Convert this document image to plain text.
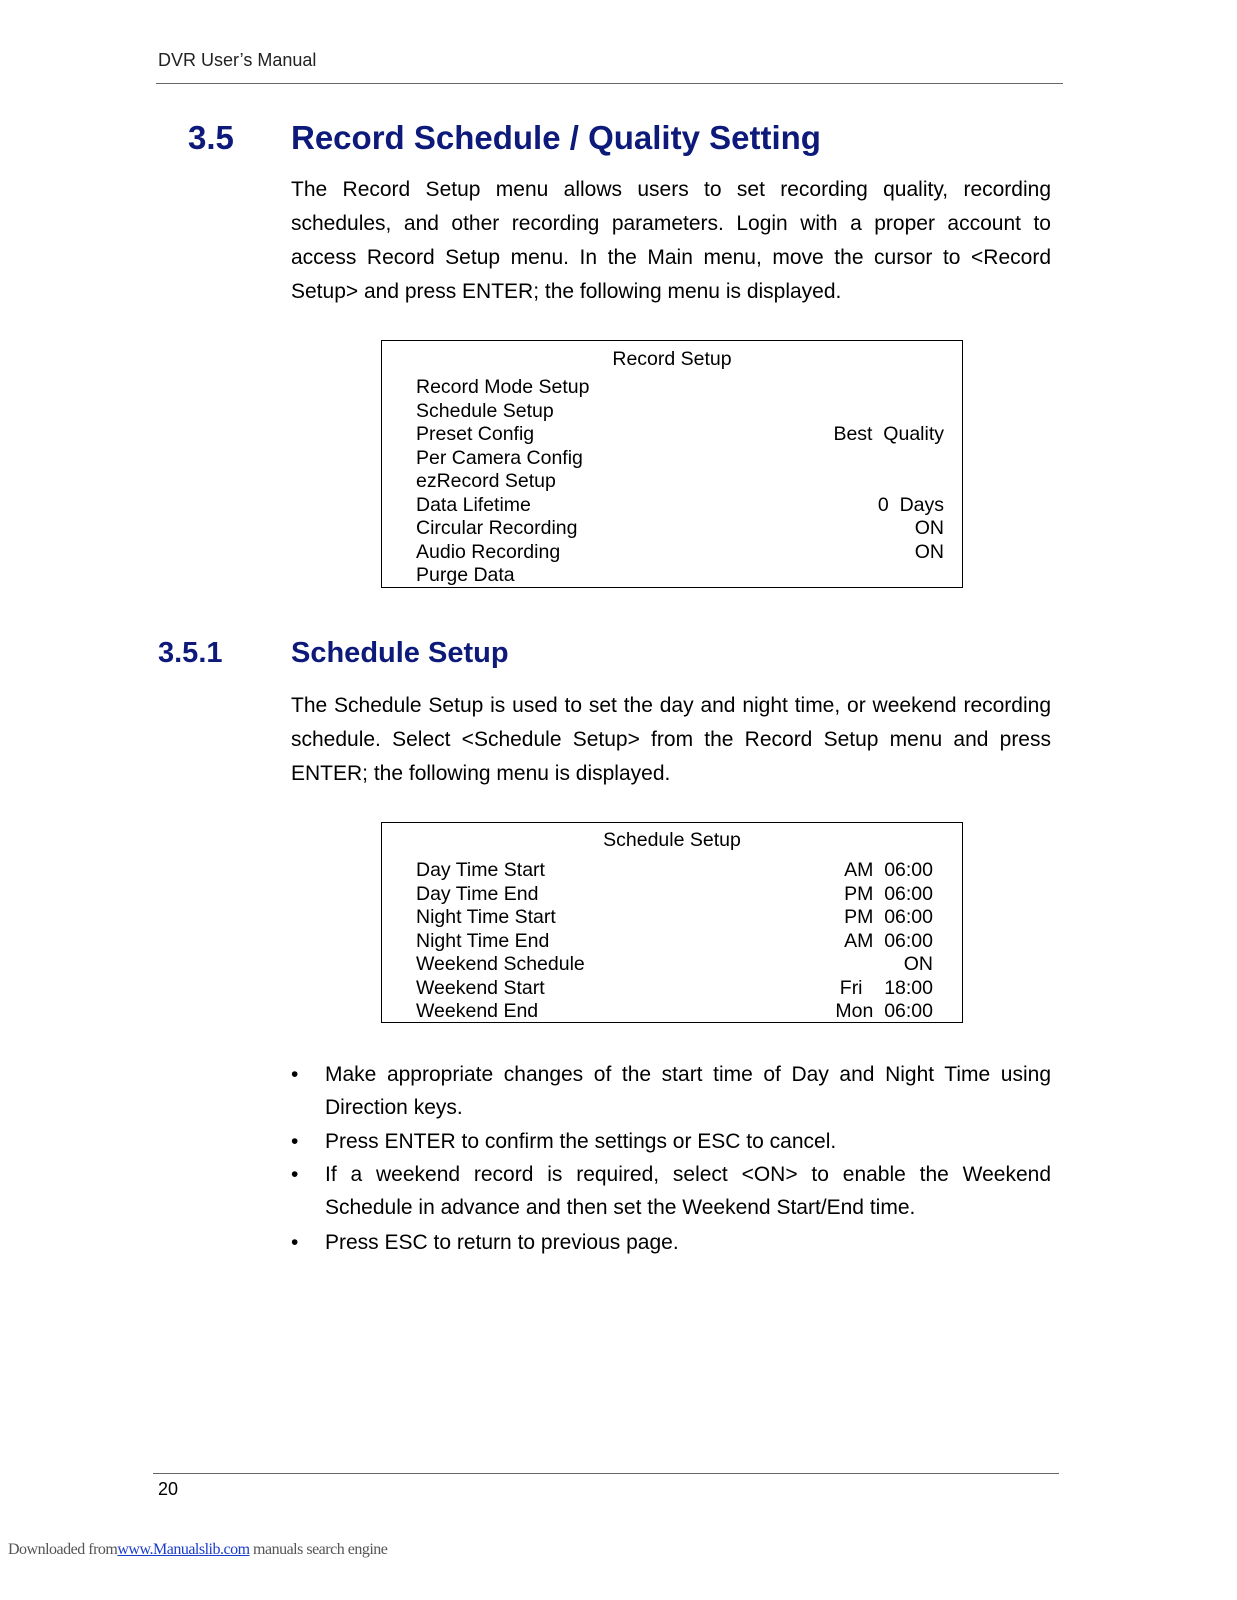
DVR User’s Manual
3.5 Record Schedule / Quality Setting
The Record Setup menu allows users to set recording quality, recording schedules, and other recording parameters. Login with a proper account to access Record Setup menu. In the Main menu, move the cursor to <Record Setup> and press ENTER; the following menu is displayed.
Record Setup
Record Mode Setup
Schedule Setup
Preset Config	Best  Quality
Per Camera Config
ezRecord Setup
Data Lifetime	0  Days
Circular Recording	ON
Audio Recording	ON
Purge Data
3.5.1 Schedule Setup
The Schedule Setup is used to set the day and night time, or weekend recording schedule. Select <Schedule Setup> from the Record Setup menu and press ENTER; the following menu is displayed.
Schedule Setup
Day Time Start	AM  06:00
Day Time End	PM  06:00
Night Time Start	PM  06:00
Night Time End	AM  06:00
Weekend Schedule	ON
Weekend Start	Fri    18:00
Weekend End	Mon  06:00
•	Make appropriate changes of the start time of Day and Night Time using Direction keys.
•	Press ENTER to confirm the settings or ESC to cancel.
•	If a weekend record is required, select <ON> to enable the Weekend Schedule in advance and then set the Weekend Start/End time.
•	Press ESC to return to previous page.
20
Downloaded fromwww.Manualslib.com manuals search engine
